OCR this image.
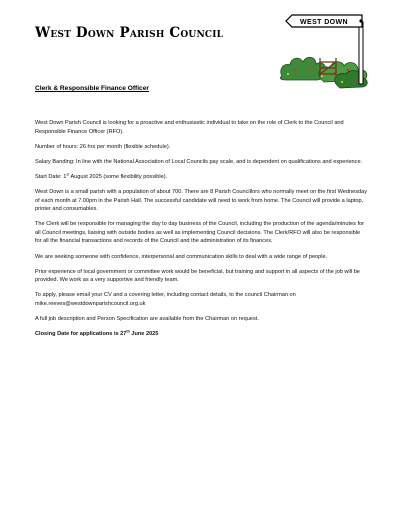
West Down Parish Council
WEST DOWN
Clerk & Responsible Finance Officer

West Down Parish Council is looking for a proactive and enthusiastic individual to take on the role of Clerk to the Council and Responsible Finance Officer (RFO).

Number of hours: 26 hrs per month (flexible schedule).

Salary Banding: In line with the National Association of Local Councils pay scale, and is dependent on qualifications and experience.

Start Date: 1st August 2025 (some flexibility possible).

West Down is a small parish with a population of about 700. There are 8 Parish Councillors who normally meet on the first Wednesday of each month at 7.00pm in the Parish Hall. The successful candidate will need to work from home. The Council will provide a laptop, printer and consumables.

The Clerk will be responsible for managing the day to day business of the Council, including the production of the agenda/minutes for all Council meetings, liaising with outside bodies as well as implementing Council decisions. The Clerk/RFO will also be responsible for all the financial transactions and records of the Council and the administration of its finances.

We are seeking someone with confidence, interpersonal and communication skills to deal with a wide range of people.

Prior experience of local government or committee work would be beneficial, but training and support in all aspects of the job will be provided. We work as a very supportive and friendly team.

To apply, please email your CV and a covering letter, including contact details, to the council Chairman on mike.reeves@westdownparishcouncil.org.uk

A full job description and Person Specification are available from the Chairman on request.

Closing Date for applications is 27th June 2025
